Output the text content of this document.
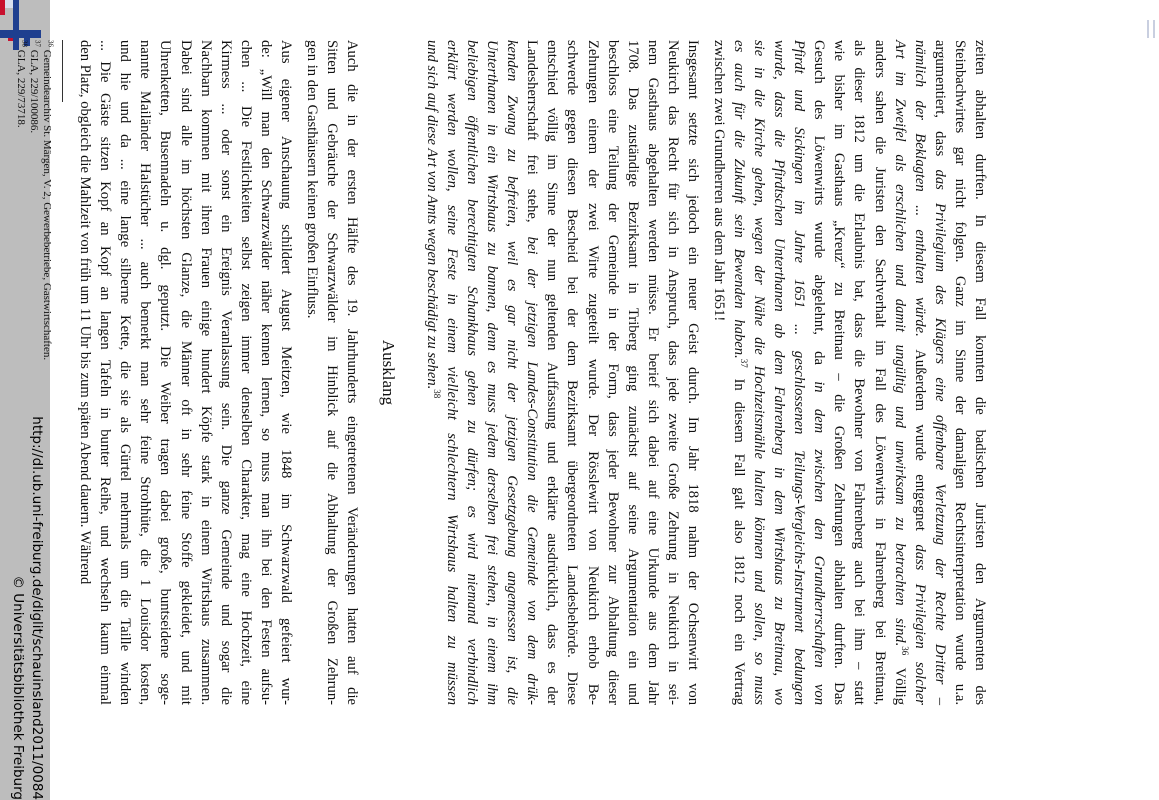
http://dl.ub.uni-freiburg.de/diglit/schauinsland2011/0084
© Universitätsbibliothek Freiburg	zeiten abhalten durften. In diesem Fall konnten die badischen Juristen den Argumenten des
Steinbachwirtes gar nicht folgen. Ganz im Sinne der damaligen Rechtsinterpretation wurde u.a.
argumentiert, dass das Privilegium des Klägers eine offenbare Verletzung der Rechte Dritter –
nämlich der Beklagten ... enthalten würde. Außerdem wurde entgegnet dass Privilegien solcher
Art im Zweifel als erschlichen und damit ungültig und unwirksam zu betrachten sind.$^{36}$ Völlig
anders sahen die Juristen den Sachverhalt im Fall des Löwenwirts in Fahrenberg bei Breitnau,
als dieser 1812 um die Erlaubnis bat, dass die Bewohner von Fahrenberg auch bei ihm – statt
wie bisher im Gasthaus „Kreuz“ zu Breitnau – die Großen Zehrungen abhalten durften. Das
Gesuch des Löwenwirts wurde abgelehnt, da in dem zwischen den Grundherrschaften von
Pfirdt und Sickingen im Jahre 1651 ... geschlossenen Teilungs-Vergleichs-Instrument bedungen
wurde, dass die Pfirdtschen Unterthanen ab dem Fahrenberg in dem Wirtshaus zu Breitnau, wo
sie in die Kirche gehen, wegen der Nähe die Hochzeitsmähle halten können und sollen, so muss
es auch für die Zukunft sein Bewenden haben.$^{37}$ In diesem Fall galt also 1812 noch ein Vertrag
zwischen zwei Grundherren aus dem Jahr 1651!
Insgesamt setzte sich jedoch ein neuer Geist durch. Im Jahr 1818 nahm der Ochsenwirt von
Neukirch das Recht für sich in Anspruch, dass jede zweite Große Zehrung in Neukirch in sei-
nem Gasthaus abgehalten werden müsse. Er berief sich dabei auf eine Urkunde aus dem Jahr
1708. Das zuständige Bezirksamt in Triberg ging zunächst auf seine Argumentation ein und
beschloss eine Teilung der Gemeinde in der Form, dass jeder Bewohner zur Abhaltung dieser
Zehrungen einem der zwei Wirte zugeteilt wurde. Der Rösslewirt von Neukirch erhob Be-
schwerde gegen diesen Bescheid bei der dem Bezirksamt übergeordneten Landesbehörde. Diese
entschied völlig im Sinne der nun geltenden Auffassung und erklärte ausdrücklich, dass es der
Landesherrschaft frei stehe, bei der jetzigen Landes-Constitution die Gemeinde von dem drük-
kenden Zwang zu befreien, weil es gar nicht der jetzigen Gesetzgebung angemessen ist, die
Unterthanen in ein Wirtshaus zu bannen, denn es muss jedem derselben frei stehen, in einem ihm
beliebigen öffentlichen berechtigten Schankhaus gehen zu dürfen; es wird niemand verbindlich
erklärt werden wollen, seine Feste in einem vielleicht schlechtern Wirtshaus halten zu müssen
und sich auf diese Art von Amts wegen beschädigt zu sehen.$^{38}$
Ausklang
Auch die in der ersten Hälfte des 19. Jahrhunderts eingetretenen Veränderungen hatten auf die
Sitten und Gebräuche der Schwarzwälder im Hinblick auf die Abhaltung der Großen Zehrun-
gen in den Gasthäusern keinen großen Einfluss.
Aus eigener Anschauung schildert August Meitzen, wie 1848 im Schwarzwald gefeiert wur-
de: „Will man den Schwarzwälder näher kennen lernen, so muss man ihn bei den Festen aufsu-
chen ... Die Festlichkeiten selbst zeigen immer denselben Charakter, mag eine Hochzeit, eine
Kirmess ... oder sonst ein Ereignis Veranlassung sein. Die ganze Gemeinde und sogar die
Nachbarn kommen mit ihren Frauen einige hundert Köpfe stark in einem Wirtshaus zusammen.
Dabei sind alle im höchsten Glanze, die Männer oft in sehr feine Stoffe gekleidet, und mit
Uhrenketten, Busennadeln u. dgl. geputzt. Die Weiber tragen dabei große, buntseidene soge-
nannte Mailänder Halstücher ... auch bemerkt man sehr feine Strohhüte, die 1 Louisdor kosten,
und hie und da ... eine lange silberne Kette, die sie als Gürtel mehrmals um die Taille winden
... Die Gäste sitzen Kopf an Kopf an langen Tafeln in bunter Reihe, und wechseln kaum einmal
den Platz, obgleich die Mahlzeit von früh um 11 Uhr bis zum späten Abend dauern. Während
$^{36}$ Gemeindearchiv St. Märgen, V. 2, Gewerbebetriebe, Gastwirtschaften.
$^{37}$ GLA, 229/100086.
$^{38}$ GLA, 229/73718.
